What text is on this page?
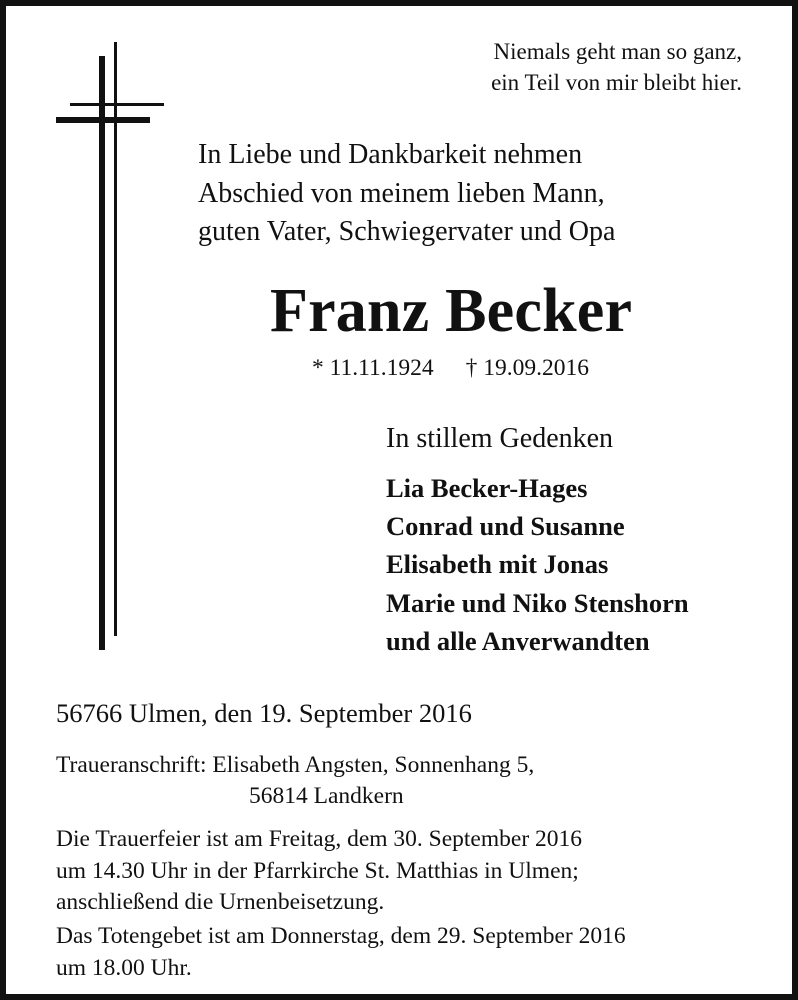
Niemals geht man so ganz,
ein Teil von mir bleibt hier.
In Liebe und Dankbarkeit nehmen
Abschied von meinem lieben Mann,
guten Vater, Schwiegervater und Opa
Franz Becker
* 11.11.1924 † 19.09.2016
In stillem Gedenken
Lia Becker-Hages
Conrad und Susanne
Elisabeth mit Jonas
Marie und Niko Stenshorn
und alle Anverwandten
56766 Ulmen, den 19. September 2016
Traueranschrift: Elisabeth Angsten, Sonnenhang 5,
56814 Landkern
Die Trauerfeier ist am Freitag, dem 30. September 2016
um 14.30 Uhr in der Pfarrkirche St. Matthias in Ulmen;
anschließend die Urnenbeisetzung.
Das Totengebet ist am Donnerstag, dem 29. September 2016
um 18.00 Uhr.
